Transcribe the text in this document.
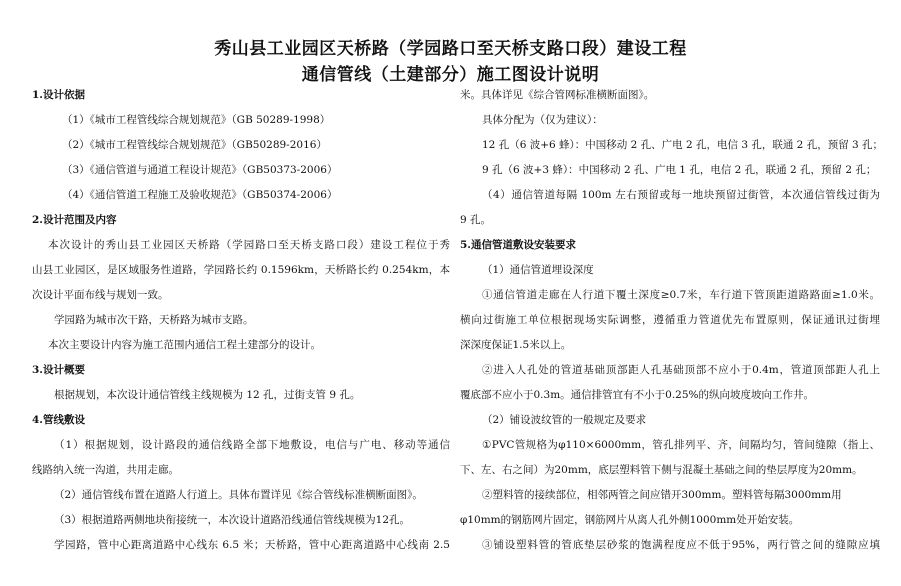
秀山县工业园区天桥路（学园路口至天桥支路口段）建设工程
通信管线（土建部分）施工图设计说明
1.设计依据
（1）《城市工程管线综合规划规范》（GB 50289-1998）
（2）《城市工程管线综合规划规范》（GB50289-2016）
（3）《通信管道与通道工程设计规范》（GB50373-2006）
（4）《通信管道工程施工及验收规范》（GB50374-2006）
2.设计范围及内容
本次设计的秀山县工业园区天桥路（学园路口至天桥支路口段）建设工程位于秀
山县工业园区，是区域服务性道路，学园路长约 0.1596km，天桥路长约 0.254km，本
次设计平面布线与规划一致。
学园路为城市次干路，天桥路为城市支路。
本次主要设计内容为施工范围内通信工程土建部分的设计。
3.设计概要
根据规划，本次设计通信管线主线规模为 12 孔，过街支管 9 孔。
4.管线敷设
（1）根据规划，设计路段的通信线路全部下地敷设，电信与广电、移动等通信
线路纳入统一沟道，共用走廊。
（2）通信管线布置在道路人行道上。具体布置详见《综合管线标准横断面图》。
（3）根据道路两侧地块衔接统一，本次设计道路沿线通信管线规模为12孔。
学园路，管中心距离道路中心线东 6.5 米；天桥路，管中心距离道路中心线南 2.5
米。具体详见《综合管网标准横断面图》。
具体分配为（仅为建议）：
12 孔（6 波+6 蜂）：中国移动 2 孔、广电 2 孔，电信 3 孔，联通 2 孔，预留 3 孔；
9 孔（6 波+3 蜂）：中国移动 2 孔、广电 1 孔，电信 2 孔，联通 2 孔，预留 2 孔；
（4）通信管道每隔 100m 左右预留或每一地块预留过街管，本次通信管线过街为
9 孔。
5.通信管道敷设安装要求
（1）通信管道埋设深度
①通信管道走廊在人行道下覆土深度≥0.7米，车行道下管顶距道路路面≥1.0米。
横向过街施工单位根据现场实际调整，遵循重力管道优先布置原则，保证通讯过街埋
深深度保证1.5米以上。
②进入人孔处的管道基础顶部距人孔基础顶部不应小于0.4m，管道顶部距人孔上
覆底部不应小于0.3m。通信排管宜有不小于0.25%的纵向坡度坡向工作井。
（2）铺设波纹管的一般规定及要求
①PVC管规格为φ110×6000mm，管孔排列平、齐，间隔均匀，管间缝隙（指上、
下、左、右之间）为20mm，底层塑料管下侧与混凝土基础之间的垫层厚度为20mm。
②塑料管的接续部位，相邻两管之间应错开300mm。塑料管每隔3000mm用
φ10mm的钢筋网片固定，钢筋网片从离人孔外侧1000mm处开始安装。
③铺设塑料管的管底垫层砂浆的饱满程度应不低于95%，两行管之间的缝隙应填
